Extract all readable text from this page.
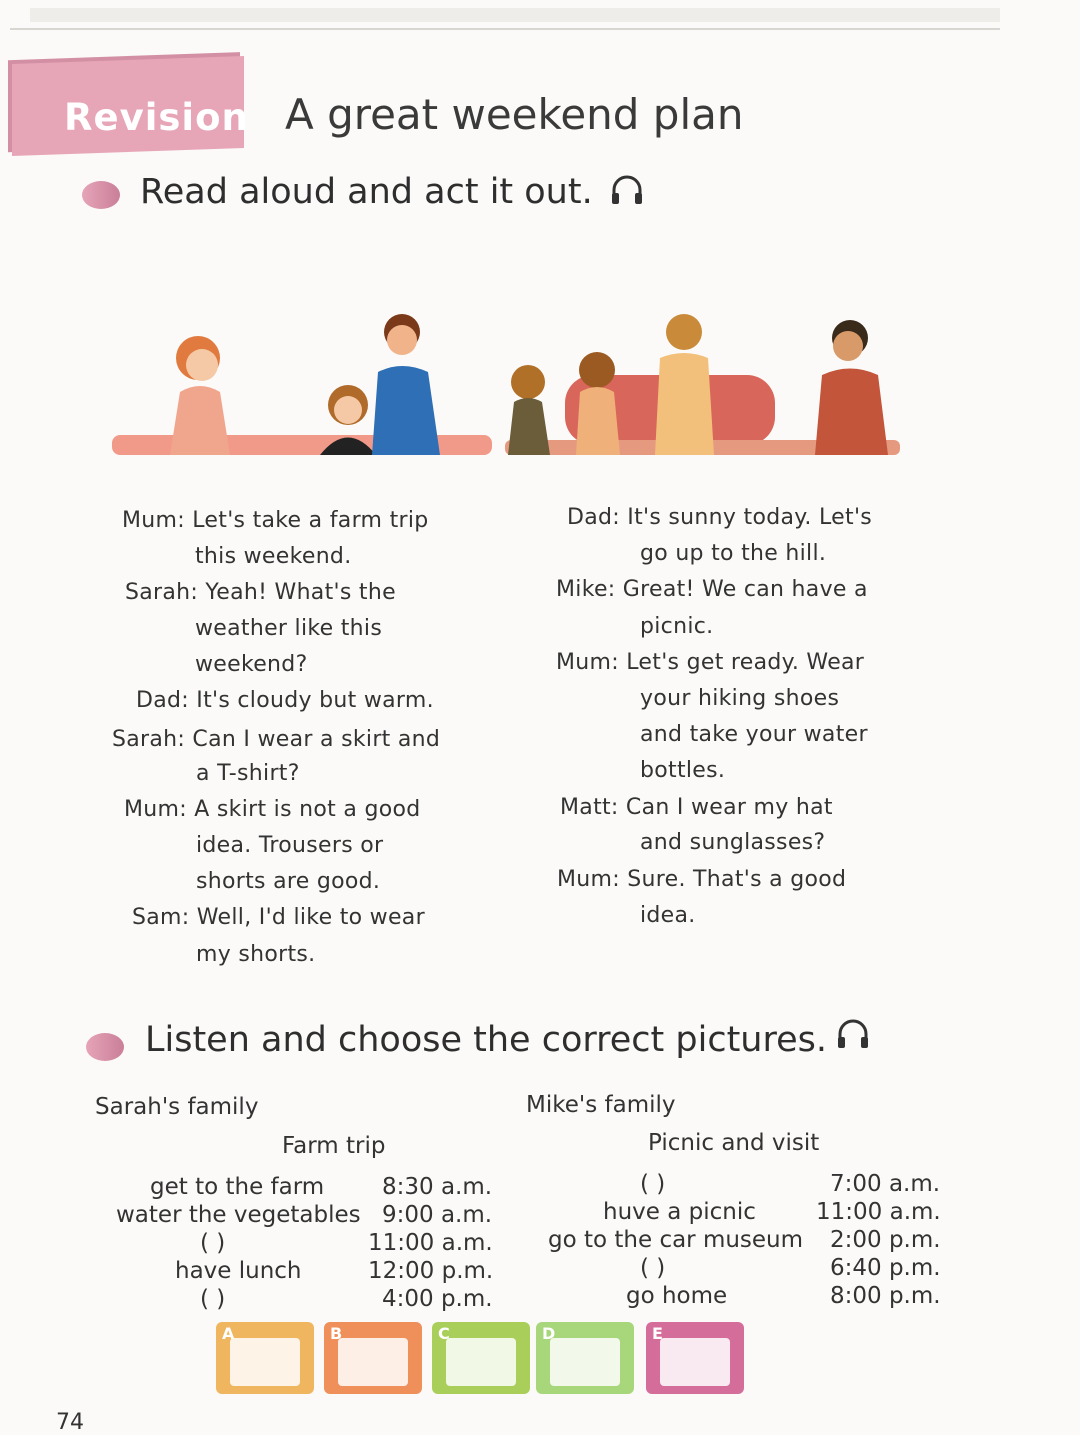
Revision A great weekend plan
Read aloud and act it out.
Mum: Let's take a farm trip
this weekend.
Sarah: Yeah! What's the
weather like this
weekend?
Dad: It's cloudy but warm.
Sarah: Can I wear a skirt and
a T-shirt?
Mum: A skirt is not a good
idea. Trousers or
shorts are good.
Sam: Well, I'd like to wear
my shorts.
Dad: It's sunny today. Let's
go up to the hill.
Mike: Great! We can have a
picnic.
Mum: Let's get ready. Wear
your hiking shoes
and take your water
bottles.
Matt: Can I wear my hat
and sunglasses?
Mum: Sure. That's a good
idea.
Listen and choose the correct pictures.
Sarah's family
Farm trip
Mike's family
Picnic and visit
get to the farm	8:30 a.m.
water the vegetables 9:00 a.m.
( )	11:00 a.m.
have lunch	12:00 p.m.
( )	4:00 p.m.
( )	7:00 a.m.
huve a picnic	11:00 a.m.
go to the car museum 2:00 p.m.
( )	6:40 p.m.
go home	8:00 p.m.
A	B	C	D	E
74
